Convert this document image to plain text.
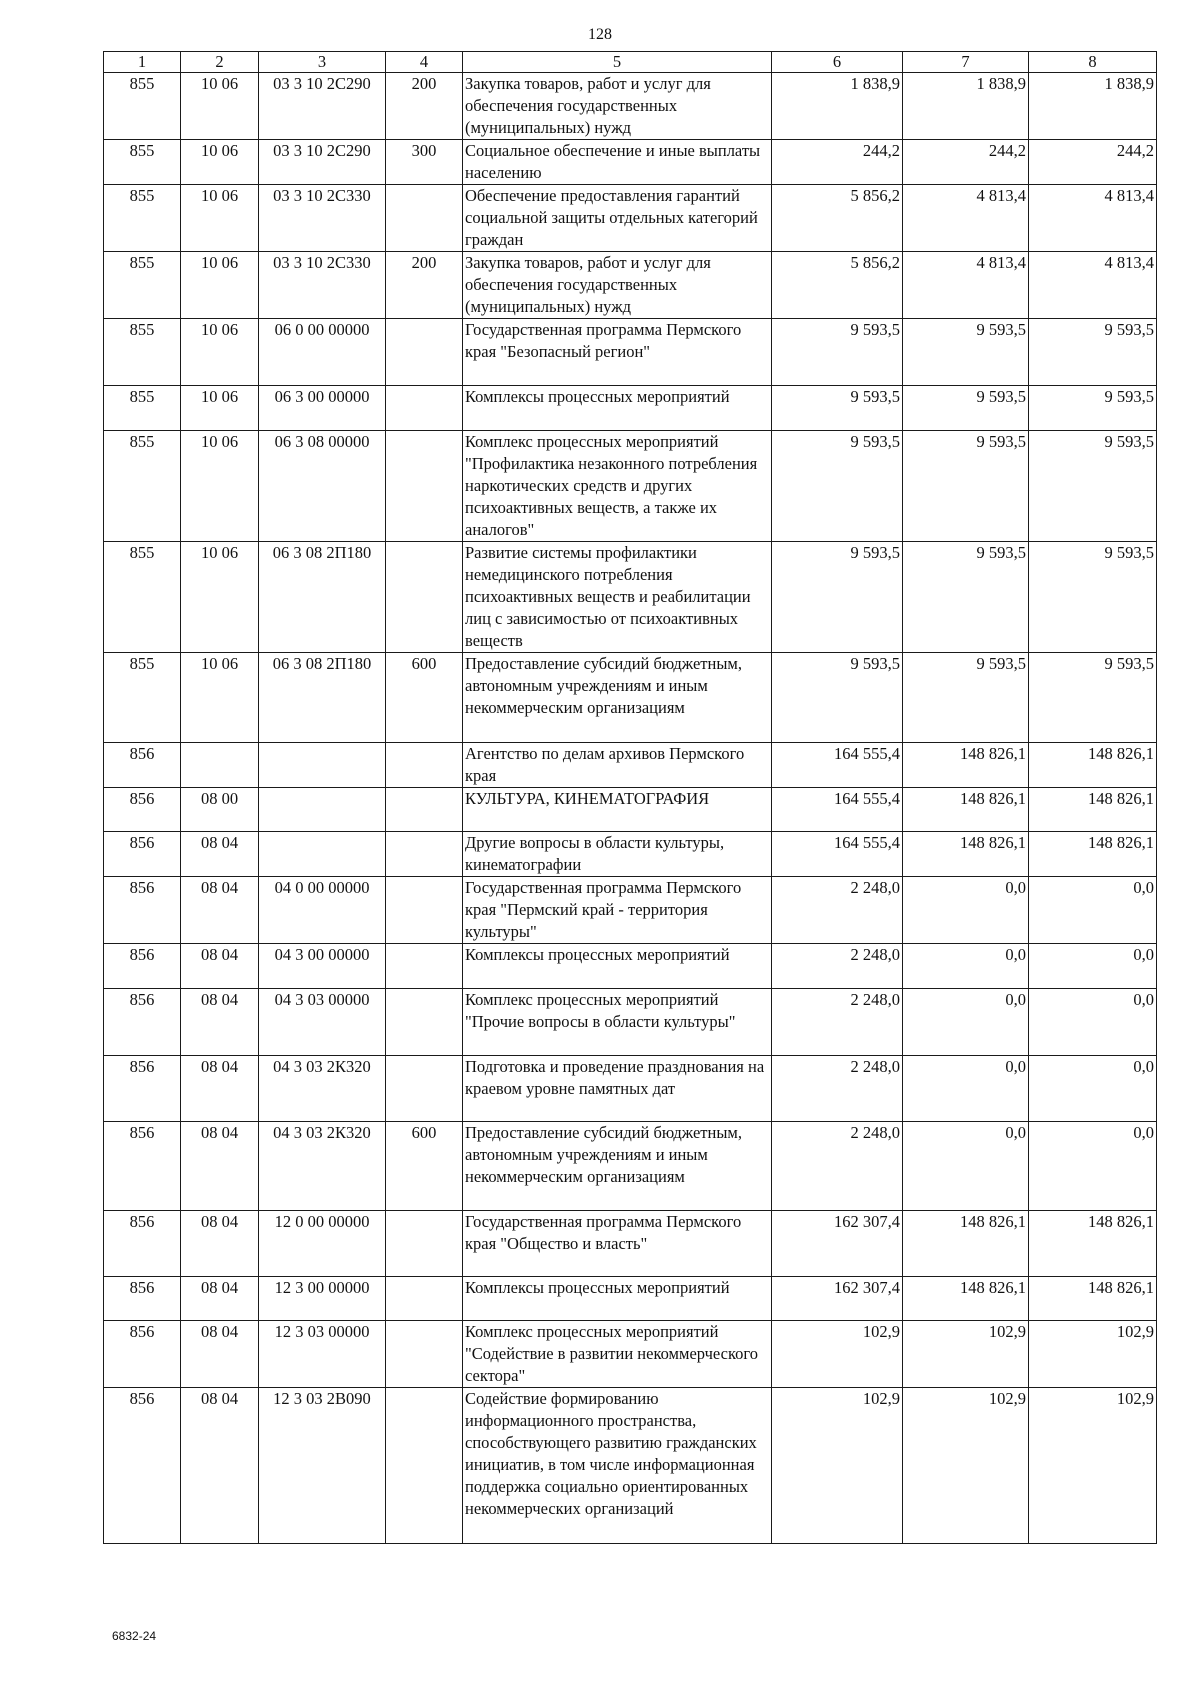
128
1	2	3	4	5	6	7	8
855	10 06	03 3 10 2С290	200	Закупка товаров, работ и услуг для обеспечения государственных (муниципальных) нужд	1 838,9	1 838,9	1 838,9
855	10 06	03 3 10 2С290	300	Социальное обеспечение и иные выплаты населению	244,2	244,2	244,2
855	10 06	03 3 10 2С330		Обеспечение предоставления гарантий социальной защиты отдельных категорий граждан	5 856,2	4 813,4	4 813,4
855	10 06	03 3 10 2С330	200	Закупка товаров, работ и услуг для обеспечения государственных (муниципальных) нужд	5 856,2	4 813,4	4 813,4
855	10 06	06 0 00 00000		Государственная программа Пермского края "Безопасный регион"	9 593,5	9 593,5	9 593,5
855	10 06	06 3 00 00000		Комплексы процессных мероприятий	9 593,5	9 593,5	9 593,5
855	10 06	06 3 08 00000		Комплекс процессных мероприятий "Профилактика незаконного потребления наркотических средств и других психоактивных веществ, а также их аналогов"	9 593,5	9 593,5	9 593,5
855	10 06	06 3 08 2П180		Развитие системы профилактики немедицинского потребления психоактивных веществ и реабилитации лиц с зависимостью от психоактивных веществ	9 593,5	9 593,5	9 593,5
855	10 06	06 3 08 2П180	600	Предоставление субсидий бюджетным, автономным учреждениям и иным некоммерческим организациям	9 593,5	9 593,5	9 593,5
856				Агентство по делам архивов Пермского края	164 555,4	148 826,1	148 826,1
856	08 00			КУЛЬТУРА, КИНЕМАТОГРАФИЯ	164 555,4	148 826,1	148 826,1
856	08 04			Другие вопросы в области культуры, кинематографии	164 555,4	148 826,1	148 826,1
856	08 04	04 0 00 00000		Государственная программа Пермского края "Пермский край - территория культуры"	2 248,0	0,0	0,0
856	08 04	04 3 00 00000		Комплексы процессных мероприятий	2 248,0	0,0	0,0
856	08 04	04 3 03 00000		Комплекс процессных мероприятий "Прочие вопросы в области культуры"	2 248,0	0,0	0,0
856	08 04	04 3 03 2К320		Подготовка и проведение празднования на краевом уровне памятных дат	2 248,0	0,0	0,0
856	08 04	04 3 03 2К320	600	Предоставление субсидий бюджетным, автономным учреждениям и иным некоммерческим организациям	2 248,0	0,0	0,0
856	08 04	12 0 00 00000		Государственная программа Пермского края "Общество и власть"	162 307,4	148 826,1	148 826,1
856	08 04	12 3 00 00000		Комплексы процессных мероприятий	162 307,4	148 826,1	148 826,1
856	08 04	12 3 03 00000		Комплекс процессных мероприятий "Содействие в развитии некоммерческого сектора"	102,9	102,9	102,9
856	08 04	12 3 03 2В090		Содействие формированию информационного пространства, способствующего развитию гражданских инициатив, в том числе информационная поддержка социально ориентированных некоммерческих организаций	102,9	102,9	102,9
6832-24
